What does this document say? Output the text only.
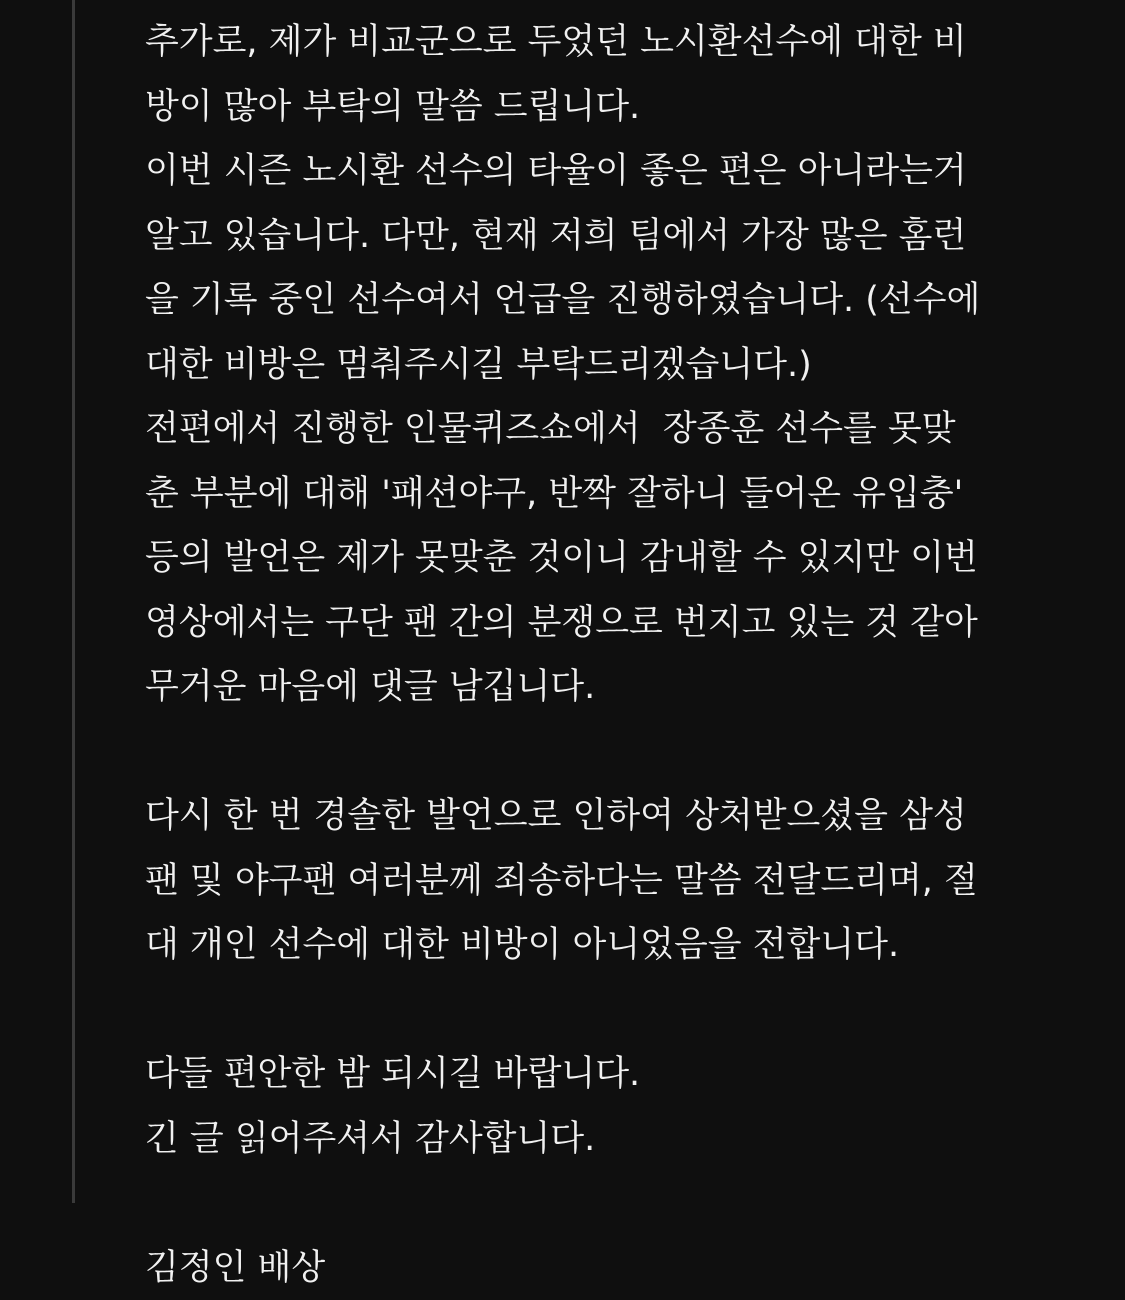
추가로, 제가 비교군으로 두었던 노시환선수에 대한 비
방이 많아 부탁의 말씀 드립니다.
이번 시즌 노시환 선수의 타율이 좋은 편은 아니라는거
알고 있습니다. 다만, 현재 저희 팀에서 가장 많은 홈런
을 기록 중인 선수여서 언급을 진행하였습니다. (선수에
대한 비방은 멈춰주시길 부탁드리겠습니다.)
전편에서 진행한 인물퀴즈쇼에서  장종훈 선수를 못맞
춘 부분에 대해 '패션야구, 반짝 잘하니 들어온 유입충'
등의 발언은 제가 못맞춘 것이니 감내할 수 있지만 이번
영상에서는 구단 팬 간의 분쟁으로 번지고 있는 것 같아
무거운 마음에 댓글 남깁니다.
다시 한 번 경솔한 발언으로 인하여 상처받으셨을 삼성
팬 및 야구팬 여러분께 죄송하다는 말씀 전달드리며, 절
대 개인 선수에 대한 비방이 아니었음을 전합니다.
다들 편안한 밤 되시길 바랍니다.
긴 글 읽어주셔서 감사합니다.
김정인 배상
